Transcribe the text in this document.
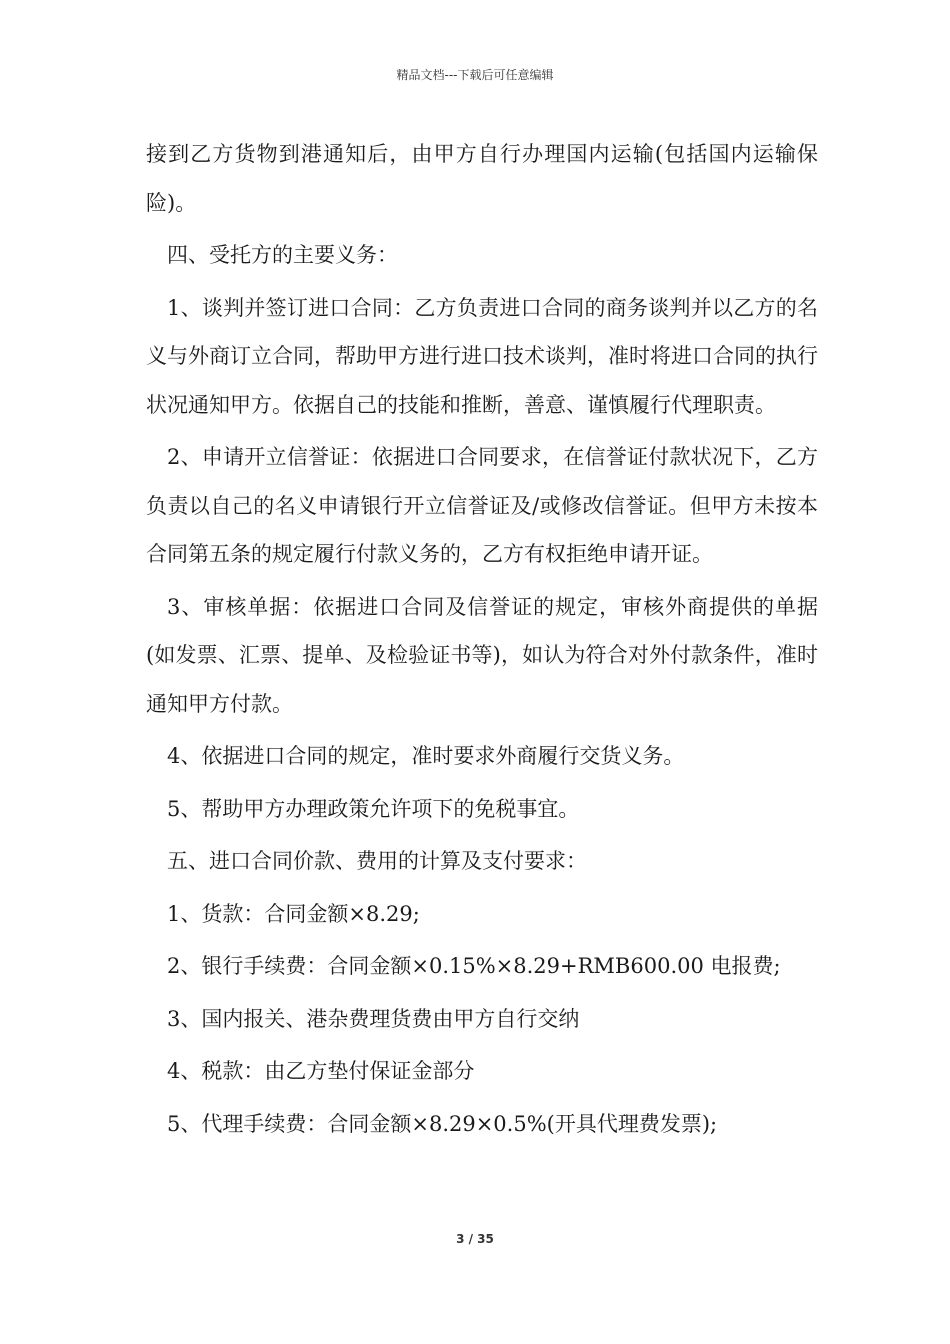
精品文档---下载后可任意编辑

接到乙方货物到港通知后，由甲方自行办理国内运输(包括国内运输保险)。

四、受托方的主要义务：

1、谈判并签订进口合同：乙方负责进口合同的商务谈判并以乙方的名义与外商订立合同，帮助甲方进行进口技术谈判，准时将进口合同的执行状况通知甲方。依据自己的技能和推断，善意、谨慎履行代理职责。

2、申请开立信誉证：依据进口合同要求，在信誉证付款状况下，乙方负责以自己的名义申请银行开立信誉证及/或修改信誉证。但甲方未按本合同第五条的规定履行付款义务的，乙方有权拒绝申请开证。

3、审核单据：依据进口合同及信誉证的规定，审核外商提供的单据(如发票、汇票、提单、及检验证书等)，如认为符合对外付款条件，准时通知甲方付款。

4、依据进口合同的规定，准时要求外商履行交货义务。

5、帮助甲方办理政策允许项下的免税事宜。

五、进口合同价款、费用的计算及支付要求：

1、货款：合同金额×8.29;

2、银行手续费：合同金额×0.15%×8.29+RMB600.00 电报费;

3、国内报关、港杂费理货费由甲方自行交纳

4、税款：由乙方垫付保证金部分

5、代理手续费：合同金额×8.29×0.5%(开具代理费发票);

3 / 35
